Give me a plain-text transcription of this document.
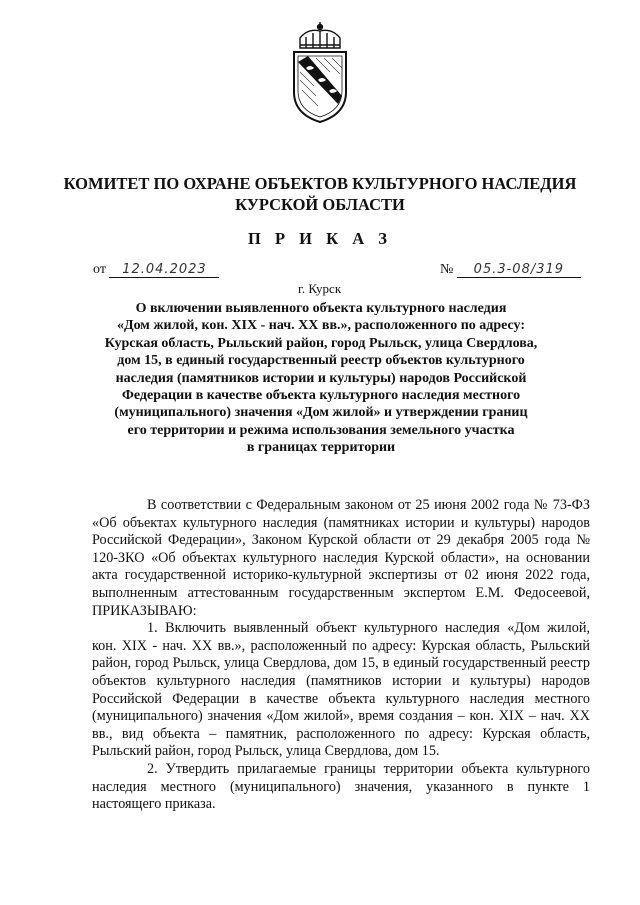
КОМИТЕТ ПО ОХРАНЕ ОБЪЕКТОВ КУЛЬТУРНОГО НАСЛЕДИЯ
КУРСКОЙ ОБЛАСТИ
П Р И К А З
от 12.04.2023	№ 05.3-08/319
г. Курск
О включении выявленного объекта культурного наследия
«Дом жилой, кон. XIX - нач. XX вв.», расположенного по адресу:
Курская область, Рыльский район, город Рыльск, улица Свердлова,
дом 15, в единый государственный реестр объектов культурного
наследия (памятников истории и культуры) народов Российской
Федерации в качестве объекта культурного наследия местного
(муниципального) значения «Дом жилой» и утверждении границ
его территории и режима использования земельного участка
в границах территории

В соответствии с Федеральным законом от 25 июня 2002 года № 73-ФЗ «Об объектах культурного наследия (памятниках истории и культуры) народов Российской Федерации», Законом Курской области от 29 декабря 2005 года № 120-ЗКО «Об объектах культурного наследия Курской области», на основании акта государственной историко-культурной экспертизы от 02 июня 2022 года, выполненным аттестованным государственным экспертом Е.М. Федосеевой, ПРИКАЗЫВАЮ:

1. Включить выявленный объект культурного наследия «Дом жилой, кон. XIX - нач. XX вв.», расположенный по адресу: Курская область, Рыльский район, город Рыльск, улица Свердлова, дом 15, в единый государственный реестр объектов культурного наследия (памятников истории и культуры) народов Российской Федерации в качестве объекта культурного наследия местного (муниципального) значения «Дом жилой», время создания – кон. XIX – нач. XX вв., вид объекта – памятник, расположенного по адресу: Курская область, Рыльский район, город Рыльск, улица Свердлова, дом 15.

2. Утвердить прилагаемые границы территории объекта культурного наследия местного (муниципального) значения, указанного в пункте 1 настоящего приказа.
